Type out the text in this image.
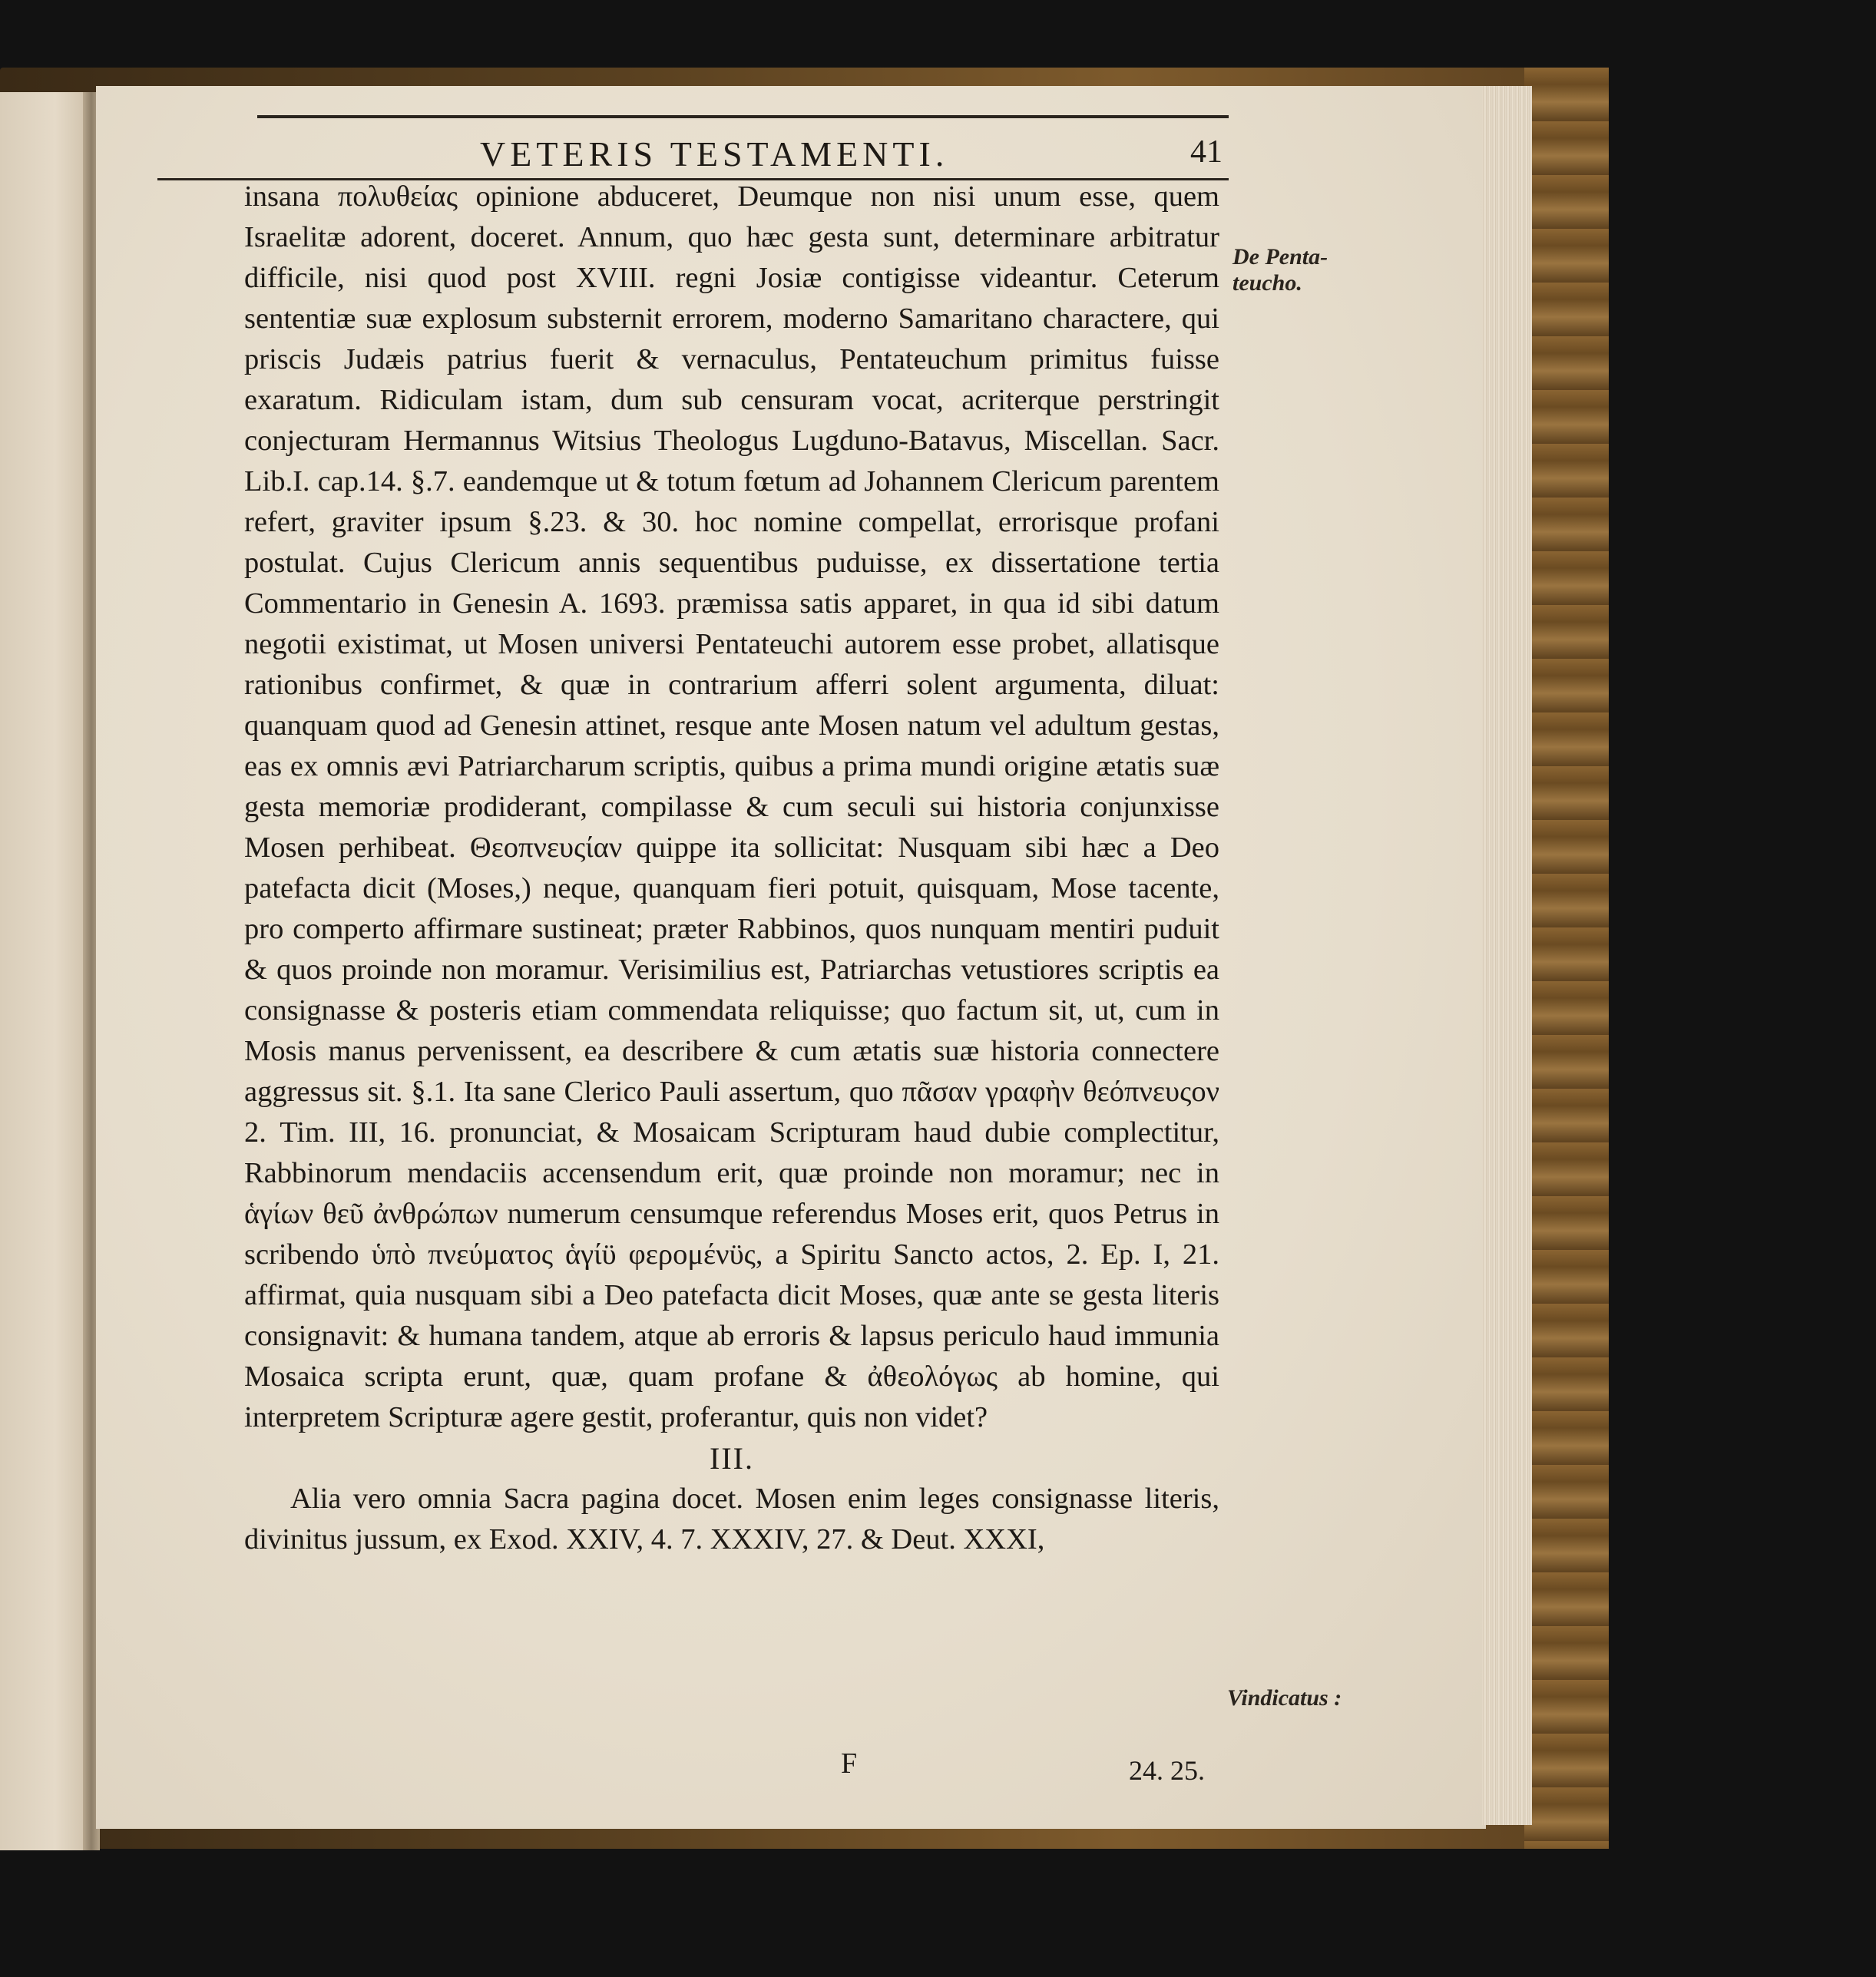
VETERIS TESTAMENTI.	41
De Penta-teucho.

insana πολυθείας opinione abduceret, Deumque non nisi unum esse, quem Israelitæ adorent, doceret. Annum, quo hæc gesta sunt, determinare arbitratur difficile, nisi quod post XVIII. regni Josiæ contigisse videantur. Ceterum sententiæ suæ explosum substernit errorem, moderno Samaritano charactere, qui priscis Judæis patrius fuerit & vernaculus, Pentateuchum primitus fuisse exaratum. Ridiculam istam, dum sub censuram vocat, acriterque perstringit conjecturam Hermannus Witsius Theologus Lugduno-Batavus, Miscellan. Sacr. Lib.I. cap.14. §.7. eandemque ut & totum fœtum ad Johannem Clericum parentem refert, graviter ipsum §.23. & 30. hoc nomine compellat, errorisque profani postulat. Cujus Clericum annis sequentibus puduisse, ex dissertatione tertia Commentario in Genesin A. 1693. præmissa satis apparet, in qua id sibi datum negotii existimat, ut Mosen universi Pentateuchi autorem esse probet, allatisque rationibus confirmet, & quæ in contrarium afferri solent argumenta, diluat: quanquam quod ad Genesin attinet, resque ante Mosen natum vel adultum gestas, eas ex omnis ævi Patriarcharum scriptis, quibus a prima mundi origine ætatis suæ gesta memoriæ prodiderant, compilasse & cum seculi sui historia conjunxisse Mosen perhibeat. Θεοπνευςίαν quippe ita sollicitat: Nusquam sibi hæc a Deo patefacta dicit (Moses,) neque, quanquam fieri potuit, quisquam, Mose tacente, pro comperto affirmare sustineat; præter Rabbinos, quos nunquam mentiri puduit & quos proinde non moramur. Verisimilius est, Patriarchas vetustiores scriptis ea consignasse & posteris etiam commendata reliquisse; quo factum sit, ut, cum in Mosis manus pervenissent, ea describere & cum ætatis suæ historia connectere aggressus sit. §.1. Ita sane Clerico Pauli assertum, quo πᾶσαν γραφὴν θεόπνευςον 2. Tim. III, 16. pronunciat, & Mosaicam Scripturam haud dubie complectitur, Rabbinorum mendaciis accensendum erit, quæ proinde non moramur; nec in ἁγίων θεῦ ἀνθρώπων numerum censumque referendus Moses erit, quos Petrus in scribendo ὑπὸ πνεύματος ἁγίϋ φερομένϋς, a Spiritu Sancto actos, 2. Ep. I, 21. affirmat, quia nusquam sibi a Deo patefacta dicit Moses, quæ ante se gesta literis consignavit: & humana tandem, atque ab erroris & lapsus periculo haud immunia Mosaica scripta erunt, quæ, quam profane & ἀθεολόγως ab homine, qui interpretem Scripturæ agere gestit, proferantur, quis non videt?

III.

Alia vero omnia Sacra pagina docet. Mosen enim leges consignasse literis, divinitus jussum, ex Exod. XXIV, 4. 7. XXXIV, 27. & Deut. XXXI,

Vindicatus :
F	24. 25.
